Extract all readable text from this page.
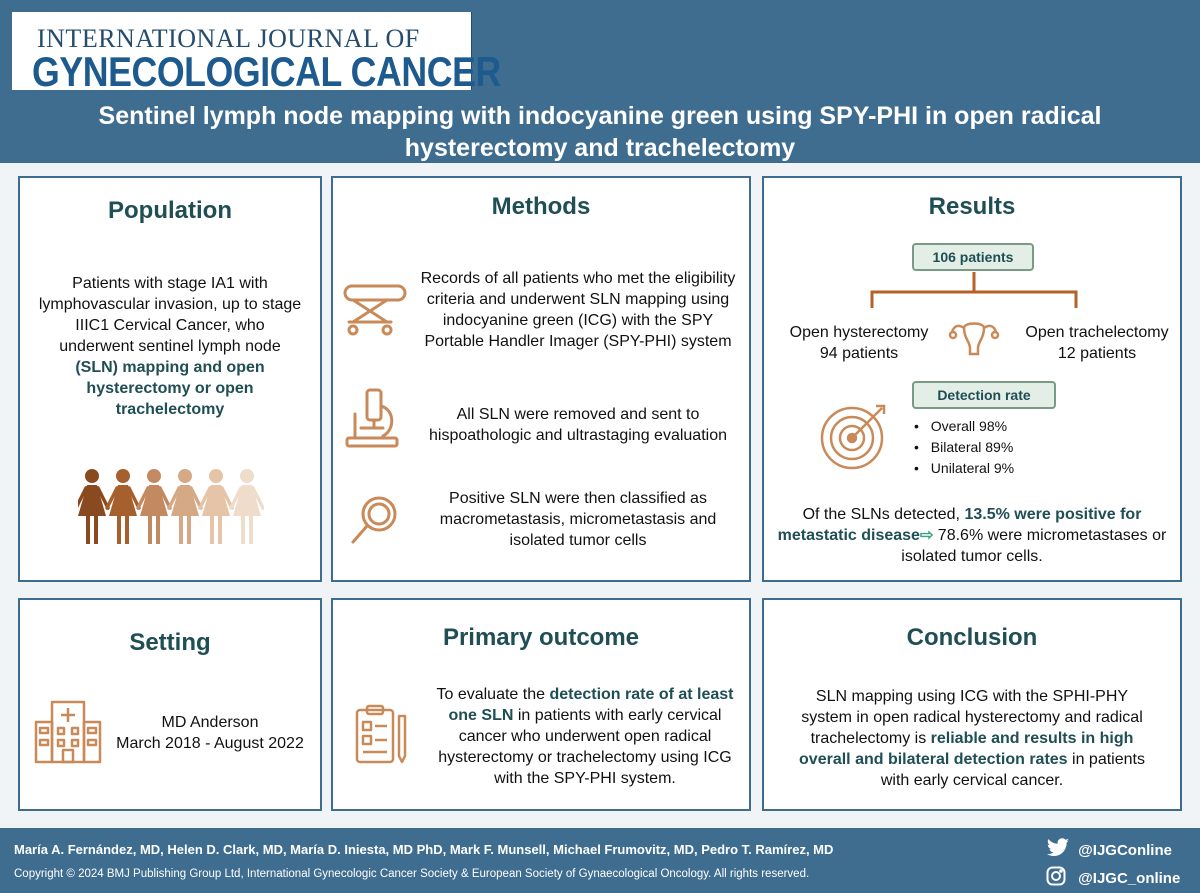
INTERNATIONAL JOURNAL OF
GYNECOLOGICAL CANCER
Sentinel lymph node mapping with indocyanine green using SPY-PHI in open radical hysterectomy and trachelectomy
Population
Patients with stage IA1 with lymphovascular invasion, up to stage IIIC1 Cervical Cancer, who underwent sentinel lymph node (SLN) mapping and open hysterectomy or open trachelectomy
Methods
Records of all patients who met the eligibility criteria and underwent SLN mapping using indocyanine green (ICG) with the SPY Portable Handler Imager (SPY-PHI) system
All SLN were removed and sent to hispoathologic and ultrastaging evaluation
Positive SLN were then classified as macrometastasis, micrometastasis and isolated tumor cells
Results
106 patients
Open hysterectomy
94 patients
Open trachelectomy
12 patients
Detection rate
• Overall 98%
• Bilateral 89%
• Unilateral 9%
Of the SLNs detected, 13.5% were positive for metastatic disease⇨ 78.6% were micrometastases or isolated tumor cells.
Setting
MD Anderson
March 2018 - August 2022
Primary outcome
To evaluate the detection rate of at least one SLN in patients with early cervical cancer who underwent open radical hysterectomy or trachelectomy using ICG with the SPY-PHI system.
Conclusion
SLN mapping using ICG with the SPHI-PHY system in open radical hysterectomy and radical trachelectomy is reliable and results in high overall and bilateral detection rates in patients with early cervical cancer.
María A. Fernández, MD, Helen D. Clark, MD, María D. Iniesta, MD PhD, Mark F. Munsell, Michael Frumovitz, MD, Pedro T. Ramírez, MD
Copyright © 2024 BMJ Publishing Group Ltd, International Gynecologic Cancer Society & European Society of Gynaecological Oncology. All rights reserved.
@IJGConline
@IJGC_online
